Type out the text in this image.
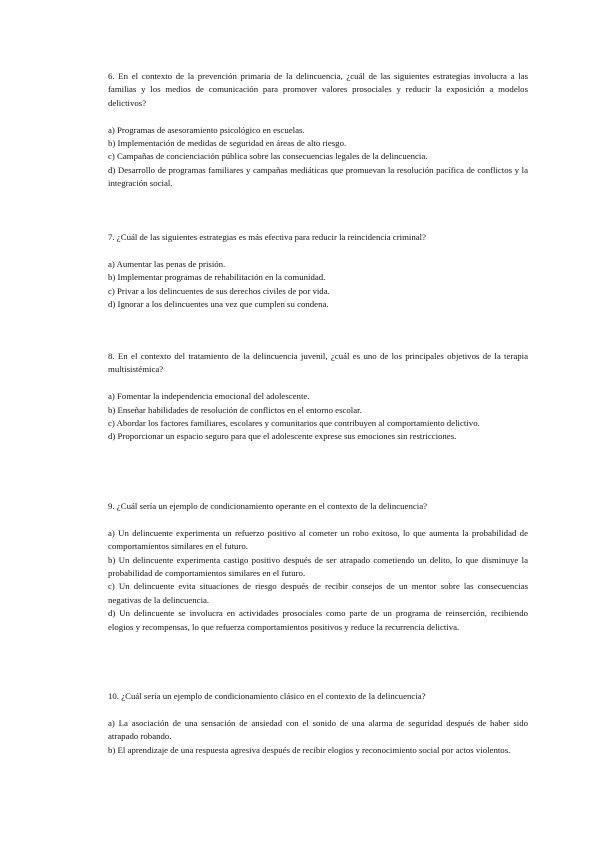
6. En el contexto de la prevención primaria de la delincuencia, ¿cuál de las siguientes estrategias involucra a las familias y los medios de comunicación para promover valores prosociales y reducir la exposición a modelos delictivos?
a) Programas de asesoramiento psicológico en escuelas.
b) Implementación de medidas de seguridad en áreas de alto riesgo.
c) Campañas de concienciación pública sobre las consecuencias legales de la delincuencia.
d) Desarrollo de programas familiares y campañas mediáticas que promuevan la resolución pacífica de conflictos y la integración social.
7. ¿Cuál de las siguientes estrategias es más efectiva para reducir la reincidencia criminal?
a) Aumentar las penas de prisión.
b) Implementar programas de rehabilitación en la comunidad.
c) Privar a los delincuentes de sus derechos civiles de por vida.
d) Ignorar a los delincuentes una vez que cumplen su condena.
8. En el contexto del tratamiento de la delincuencia juvenil, ¿cuál es uno de los principales objetivos de la terapia multisistémica?
a) Fomentar la independencia emocional del adolescente.
b) Enseñar habilidades de resolución de conflictos en el entorno escolar.
c) Abordar los factores familiares, escolares y comunitarios que contribuyen al comportamiento delictivo.
d) Proporcionar un espacio seguro para que el adolescente exprese sus emociones sin restricciones.
9. ¿Cuál sería un ejemplo de condicionamiento operante en el contexto de la delincuencia?
a) Un delincuente experimenta un refuerzo positivo al cometer un robo exitoso, lo que aumenta la probabilidad de comportamientos similares en el futuro.
b) Un delincuente experimenta castigo positivo después de ser atrapado cometiendo un delito, lo que disminuye la probabilidad de comportamientos similares en el futuro.
c) Un delincuente evita situaciones de riesgo después de recibir consejos de un mentor sobre las consecuencias negativas de la delincuencia.
d) Un delincuente se involucra en actividades prosociales como parte de un programa de reinserción, recibiendo elogios y recompensas, lo que refuerza comportamientos positivos y reduce la recurrencia delictiva.
10. ¿Cuál sería un ejemplo de condicionamiento clásico en el contexto de la delincuencia?
a) La asociación de una sensación de ansiedad con el sonido de una alarma de seguridad después de haber sido atrapado robando.
b) El aprendizaje de una respuesta agresiva después de recibir elogios y reconocimiento social por actos violentos.
